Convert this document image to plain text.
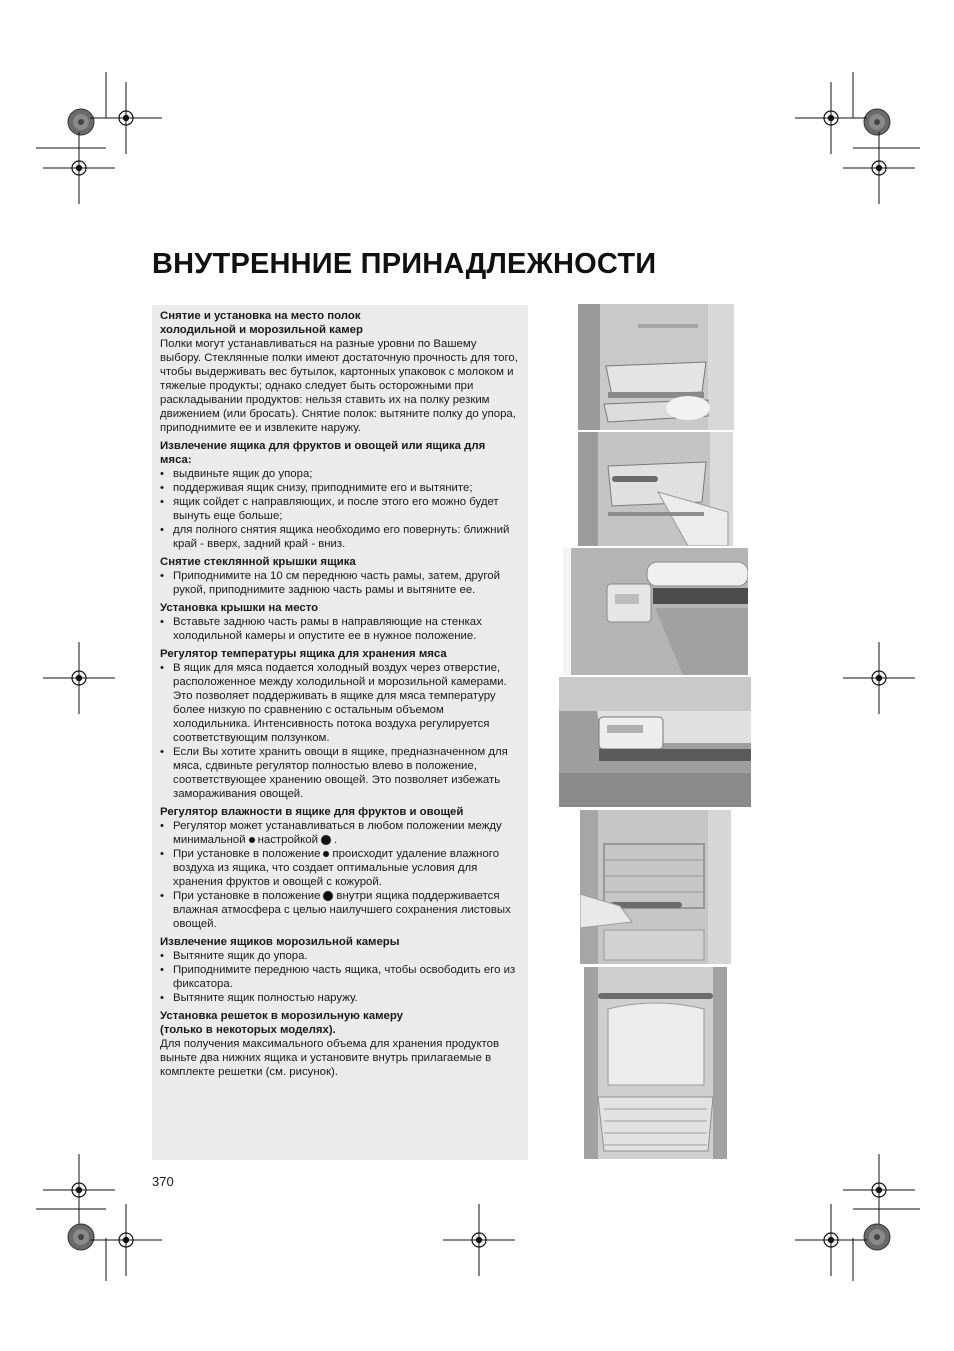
ВНУТРЕННИЕ ПРИНАДЛЕЖНОСТИ

Снятие и установка на место полок

холодильной и морозильной камер

Полки могут устанавливаться на разные уровни по Вашему выбору. Стеклянные полки имеют достаточную прочность для того, чтобы выдерживать вес бутылок, картонных упаковок с молоком и тяжелые продукты; однако следует быть осторожными при раскладывании продуктов: нельзя ставить их на полку резким движением (или бросать). Снятие полок: вытяните полку до упора, приподнимите ее и извлеките наружу.

Извлечение ящика для фруктов и овощей или ящика для мяса:

• выдвиньте ящик до упора;
• поддерживая ящик снизу, приподнимите его и вытяните;
• ящик сойдет с направляющих, и после этого его можно будет вынуть еще больше;
• для полного снятия ящика необходимо его повернуть: ближний край - вверх, задний край - вниз.

Снятие стеклянной крышки ящика

• Приподнимите на 10 см переднюю часть рамы, затем, другой рукой, приподнимите заднюю часть рамы и вытяните ее.

Установка крышки на место

• Вставьте заднюю часть рамы в направляющие на стенках холодильной камеры и опустите ее в нужное положение.

Регулятор температуры ящика для хранения мяса

• В ящик для мяса подается холодный воздух через отверстие, расположенное между холодильной и морозильной камерами. Это позволяет поддерживать в ящике для мяса температуру более низкую по сравнению с остальным объемом холодильника. Интенсивность потока воздуха регулируется соответствующим ползунком.
• Если Вы хотите хранить овощи в ящике, предназначенном для мяса, сдвиньте регулятор полностью влево в положение, соответствующее хранению овощей. Это позволяет избежать замораживания овощей.

Регулятор влажности в ящике для фруктов и овощей

• Регулятор может устанавливаться в любом положении между минимальной настройкой .
• При установке в положение происходит удаление влажного воздуха из ящика, что создает оптимальные условия для хранения фруктов и овощей с кожурой.
• При установке в положение внутри ящика поддерживается влажная атмосфера с целью наилучшего сохранения листовых овощей.

Извлечение ящиков морозильной камеры

• Вытяните ящик до упора.
• Приподнимите переднюю часть ящика, чтобы освободить его из фиксатора.
• Вытяните ящик полностью наружу.

Установка решеток в морозильную камеру

(только в некоторых моделях).

Для получения максимального объема для хранения продуктов выньте два нижних ящика и установите внутрь прилагаемые в комплекте решетки (см. рисунок).

370
